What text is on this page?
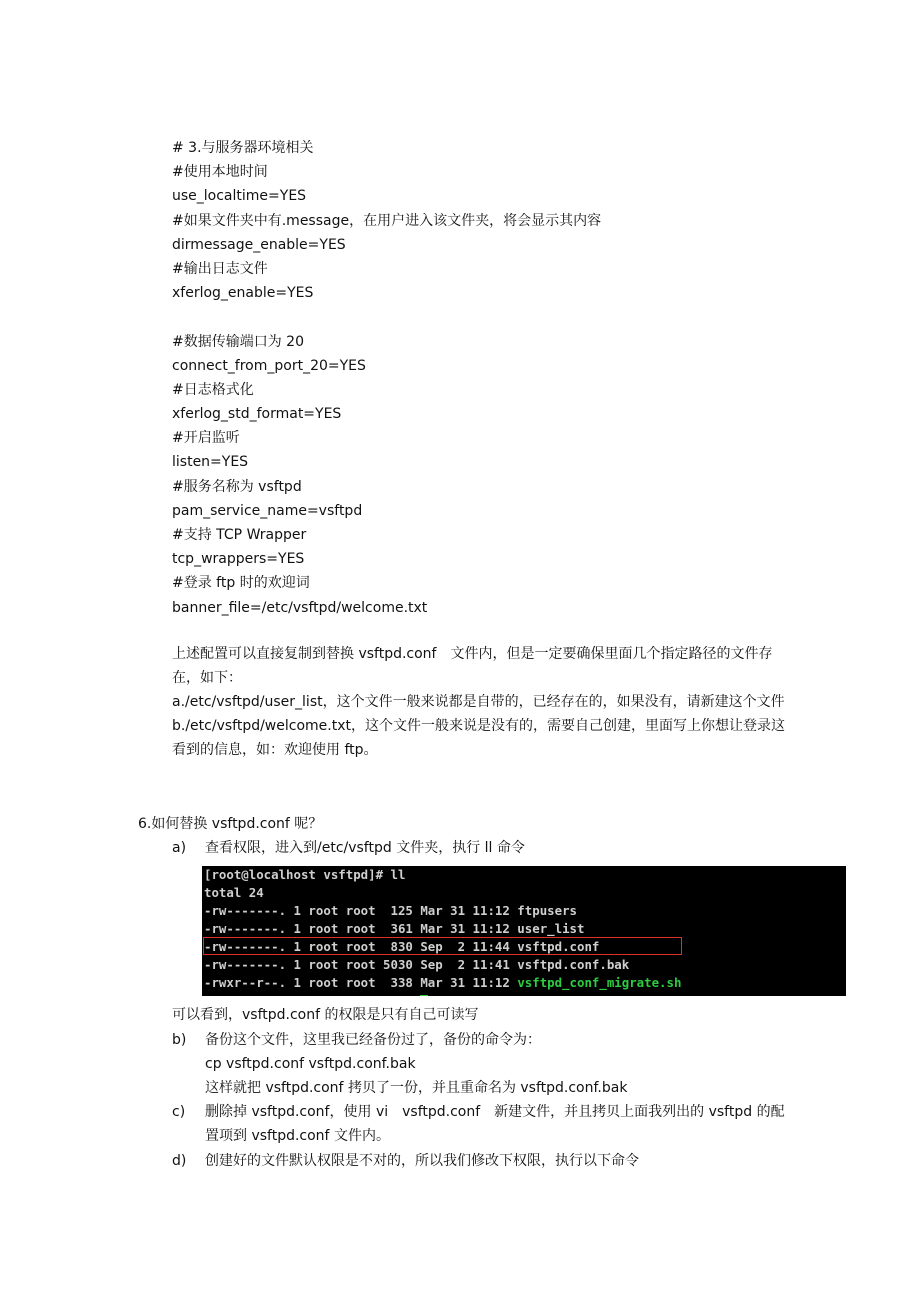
# 3.与服务器环境相关
#使用本地时间
use_localtime=YES
#如果文件夹中有.message，在用户进入该文件夹，将会显示其内容
dirmessage_enable=YES
#输出日志文件
xferlog_enable=YES
#数据传输端口为 20
connect_from_port_20=YES
#日志格式化
xferlog_std_format=YES
#开启监听
listen=YES
#服务名称为 vsftpd
pam_service_name=vsftpd
#支持 TCP Wrapper
tcp_wrappers=YES
#登录 ftp 时的欢迎词
banner_file=/etc/vsftpd/welcome.txt

上述配置可以直接复制到替换 vsftpd.conf　文件内，但是一定要确保里面几个指定路径的文件存在，如下：

a./etc/vsftpd/user_list，这个文件一般来说都是自带的，已经存在的，如果没有，请新建这个文件

b./etc/vsftpd/welcome.txt，这个文件一般来说是没有的，需要自己创建，里面写上你想让登录这看到的信息，如：欢迎使用 ftp。

6.如何替换 vsftpd.conf 呢？
a)	查看权限，进入到/etc/vsftpd 文件夹，执行 ll 命令
[root@localhost vsftpd]# ll
total 24
-rw-------. 1 root root  125 Mar 31 11:12 ftpusers
-rw-------. 1 root root  361 Mar 31 11:12 user_list
-rw-------. 1 root root  830 Sep  2 11:44 vsftpd.conf
-rw-------. 1 root root 5030 Sep  2 11:41 vsftpd.conf.bak
-rwxr--r--. 1 root root  338 Mar 31 11:12 vsftpd_conf_migrate.sh
可以看到，vsftpd.conf 的权限是只有自己可读写
b)	备份这个文件，这里我已经备份过了，备份的命令为：
cp vsftpd.conf vsftpd.conf.bak
这样就把 vsftpd.conf 拷贝了一份，并且重命名为 vsftpd.conf.bak
c)	删除掉 vsftpd.conf，使用 vi　vsftpd.conf　新建文件，并且拷贝上面我列出的 vsftpd 的配置项到 vsftpd.conf 文件内。
d)	创建好的文件默认权限是不对的，所以我们修改下权限，执行以下命令
